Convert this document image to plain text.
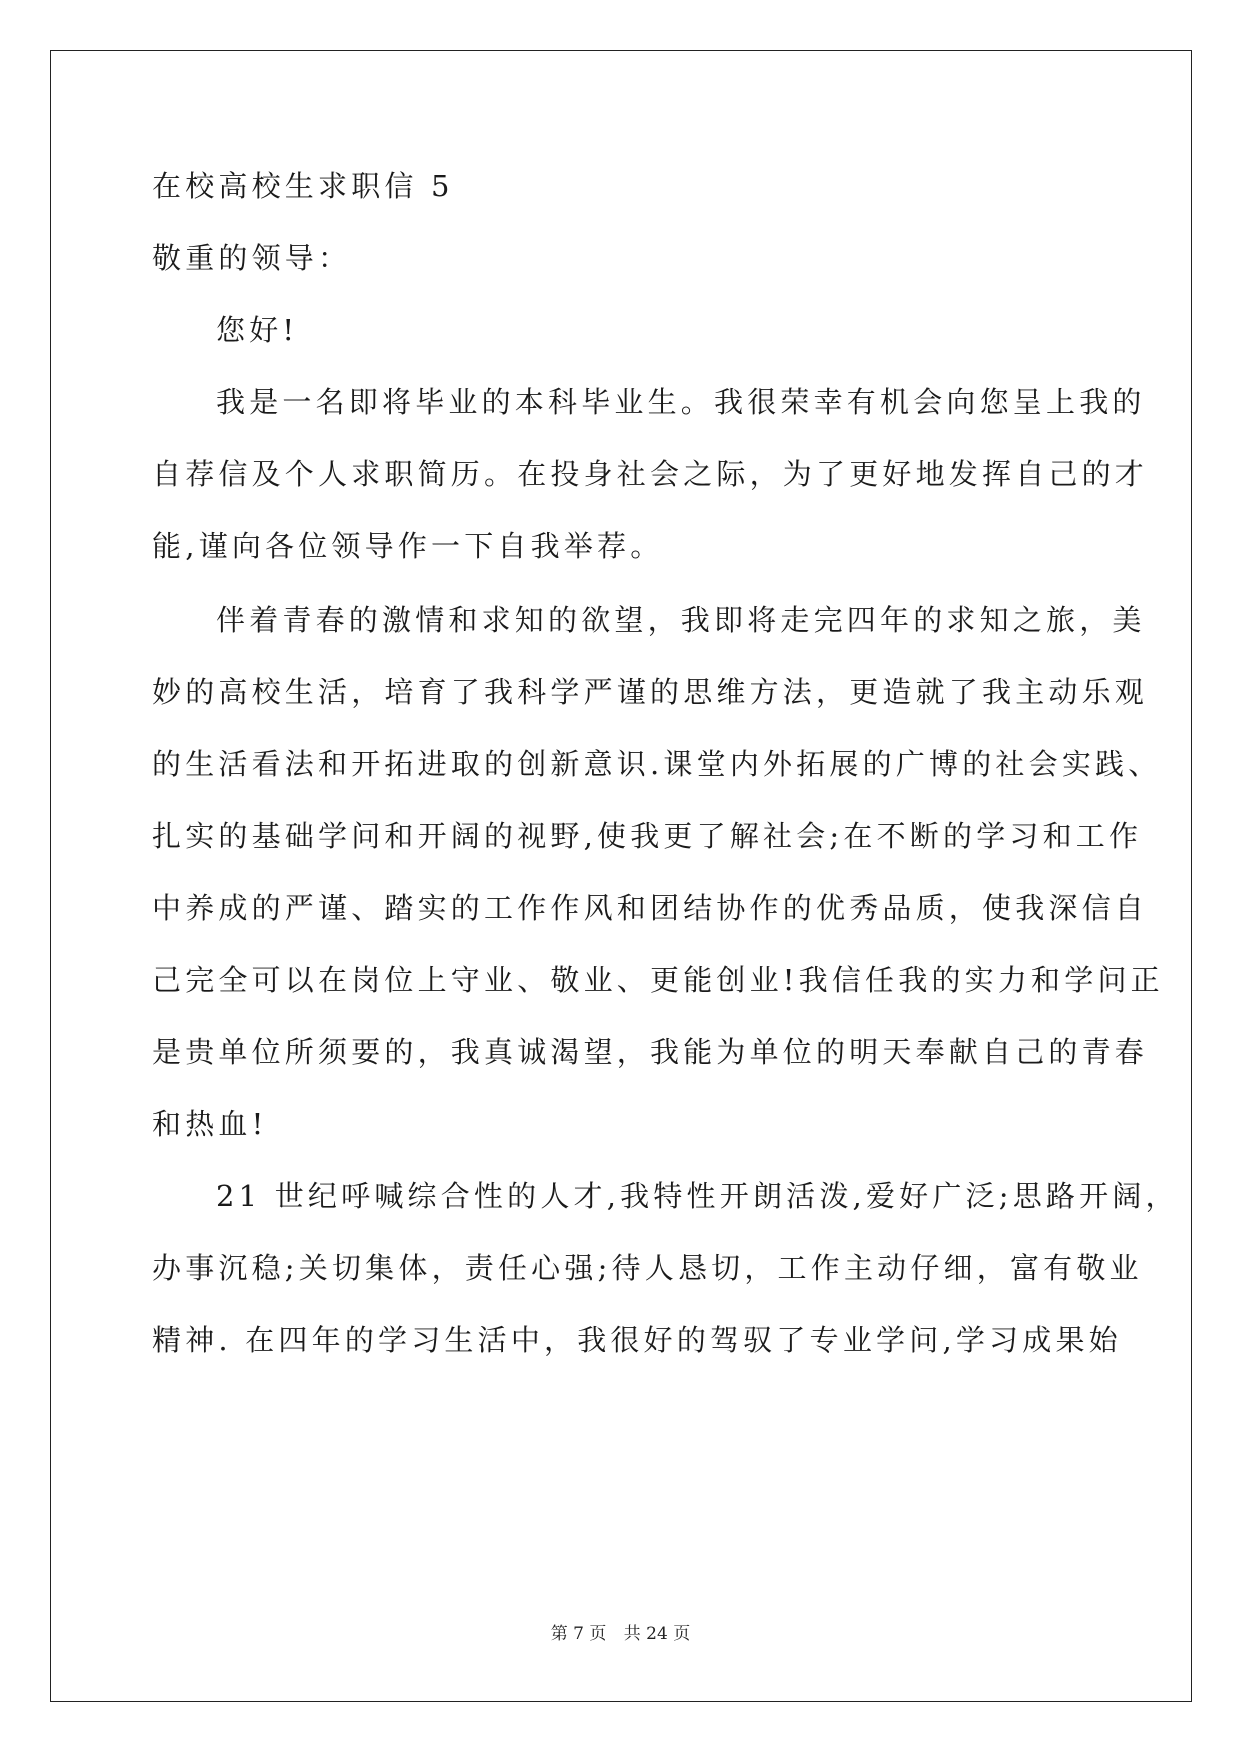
在校高校生求职信 5
敬重的领导：
您好!
我是一名即将毕业的本科毕业生。我很荣幸有机会向您呈上我的
自荐信及个人求职简历。在投身社会之际，为了更好地发挥自己的才
能,谨向各位领导作一下自我举荐。
伴着青春的激情和求知的欲望，我即将走完四年的求知之旅，美
妙的高校生活，培育了我科学严谨的思维方法，更造就了我主动乐观
的生活看法和开拓进取的创新意识.课堂内外拓展的广博的社会实践、
扎实的基础学问和开阔的视野,使我更了解社会;在不断的学习和工作
中养成的严谨、踏实的工作作风和团结协作的优秀品质，使我深信自
己完全可以在岗位上守业、敬业、更能创业!我信任我的实力和学问正
是贵单位所须要的，我真诚渴望，我能为单位的明天奉献自己的青春
和热血!
21 世纪呼喊综合性的人才,我特性开朗活泼,爱好广泛;思路开阔，
办事沉稳;关切集体，责任心强;待人恳切，工作主动仔细，富有敬业
精神. 在四年的学习生活中，我很好的驾驭了专业学问,学习成果始
第 7 页 共 24 页
